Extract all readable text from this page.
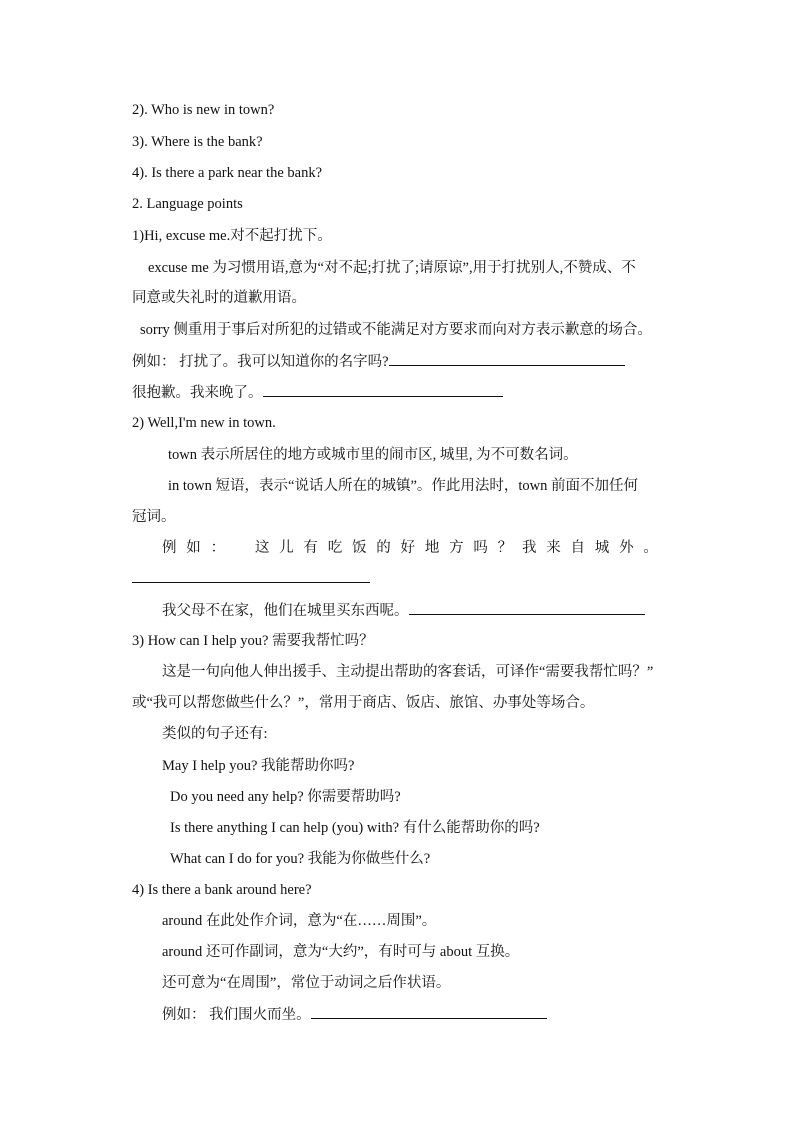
2). Who is new in town?
3). Where is the bank?
4). Is there a park near the bank?
2. Language points
1)Hi, excuse me.对不起打扰下。
excuse me 为习惯用语,意为“对不起;打扰了;请原谅”,用于打扰别人,不赞成、不
同意或失礼时的道歉用语。
sorry 侧重用于事后对所犯的过错或不能满足对方要求而向对方表示歉意的场合。
例如： 打扰了。我可以知道你的名字吗?
很抱歉。我来晚了。
2) Well,I'm new in town.
town 表示所居住的地方或城市里的闹市区, 城里, 为不可数名词。
in town 短语，表示“说话人所在的城镇”。作此用法时，town 前面不加任何
冠词。
例 如 ： 这 儿 有 吃 饭 的 好 地 方 吗 ？ 我 来 自 城 外 。
我父母不在家，他们在城里买东西呢。
3) How can I help you? 需要我帮忙吗？
这是一句向他人伸出援手、主动提出帮助的客套话，可译作“需要我帮忙吗？”
或“我可以帮您做些什么？”，常用于商店、饭店、旅馆、办事处等场合。
类似的句子还有:
May I help you? 我能帮助你吗?
Do you need any help? 你需要帮助吗?
Is there anything I can help (you) with? 有什么能帮助你的吗?
What can I do for you? 我能为你做些什么?
4) Is there a bank around here?
around 在此处作介词，意为“在……周围”。
around 还可作副词，意为“大约”，有时可与 about 互换。
还可意为“在周围”，常位于动词之后作状语。
例如： 我们围火而坐。
